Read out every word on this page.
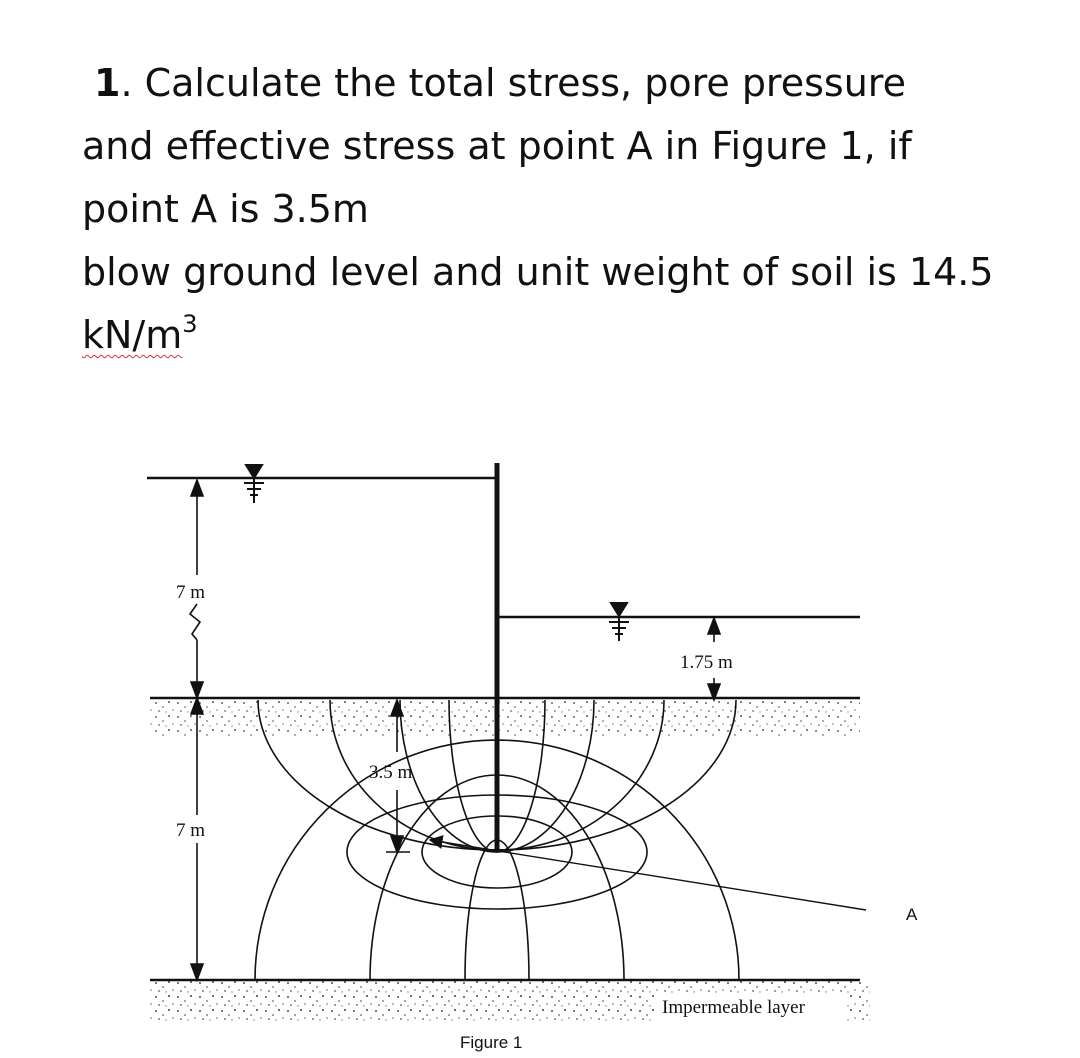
1. Calculate the total stress, pore pressure
and effective stress at point A in Figure 1, if
point A is 3.5m
blow ground level and unit weight of soil is 14.5
$kN/m^3$
7 m
7 m
3.5 m
1.75 m
A
Impermeable layer
Figure 1
